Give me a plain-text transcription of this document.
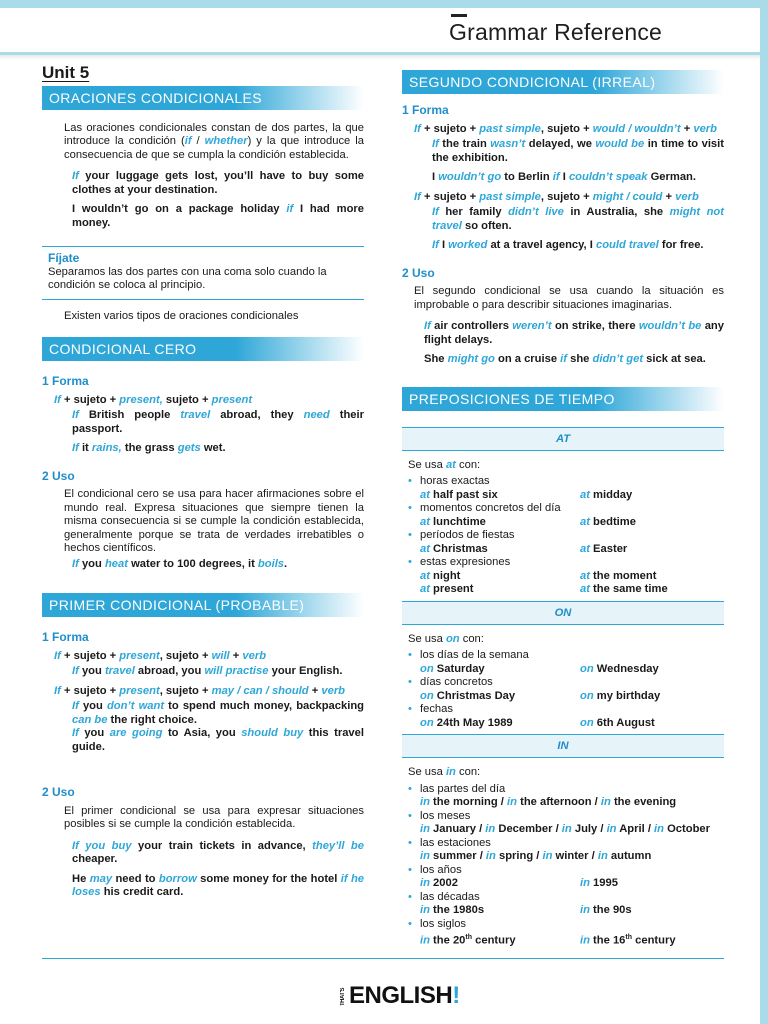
Grammar Reference
Unit 5
ORACIONES CONDICIONALES

Las oraciones condicionales constan de dos partes, la que introduce la condición (if / whether) y la que introduce la consecuencia de que se cumpla la condición establecida.

If your luggage gets lost, you’ll have to buy some clothes at your destination.

I wouldn’t go on a package holiday if I had more money.

Fíjate
Separamos las dos partes con una coma solo cuando la condición se coloca al principio.

Existen varios tipos de oraciones condicionales

CONDICIONAL CERO
1 Forma

If + sujeto + present, sujeto + present

If British people travel abroad, they need their passport.

If it rains, the grass gets wet.

2 Uso

El condicional cero se usa para hacer afirmaciones sobre el mundo real. Expresa situaciones que siempre tienen la misma consecuencia si se cumple la condición establecida, generalmente porque se trata de verdades irrebatibles o hechos científicos.

If you heat water to 100 degrees, it boils.

PRIMER CONDICIONAL (PROBABLE)
1 Forma

If + sujeto + present, sujeto + will + verb

If you travel abroad, you will practise your English.

If + sujeto + present, sujeto + may / can / should + verb

If you don’t want to spend much money, backpacking can be the right choice.

If you are going to Asia, you should buy this travel guide.

2 Uso

El primer condicional se usa para expresar situaciones posibles si se cumple la condición establecida.

If you buy your train tickets in advance, they’ll be cheaper.

He may need to borrow some money for the hotel if he loses his credit card.

SEGUNDO CONDICIONAL (IRREAL)
1 Forma

If + sujeto + past simple, sujeto + would / wouldn’t + verb

If the train wasn’t delayed, we would be in time to visit the exhibition.

I wouldn’t go to Berlin if I couldn’t speak German.

If + sujeto + past simple, sujeto + might / could + verb

If her family didn’t live in Australia, she might not travel so often.

If I worked at a travel agency, I could travel for free.

2 Uso

El segundo condicional se usa cuando la situación es improbable o para describir situaciones imaginarias.

If air controllers weren’t on strike, there wouldn’t be any flight delays.

She might go on a cruise if she didn’t get sick at sea.

PREPOSICIONES DE TIEMPO
AT
Se usa at con:
• horas exactas
at half past six	at midday
• momentos concretos del día
at lunchtime	at bedtime
• períodos de fiestas
at Christmas	at Easter
• estas expresiones
at night	at the moment
at present	at the same time
ON
Se usa on con:
• los días de la semana
on Saturday	on Wednesday
• días concretos
on Christmas Day	on my birthday
• fechas
on 24th May 1989	on 6th August
IN
Se usa in con:
• las partes del día
in the morning / in the afternoon / in the evening
• los meses
in January / in December / in July / in April / in October
• las estaciones
in summer / in spring / in winter / in autumn
• los años
in 2002	in 1995
• las décadas
in the 1980s	in the 90s
• los siglos
in the 20th century	in the 16th century
THAT'S ENGLISH!
